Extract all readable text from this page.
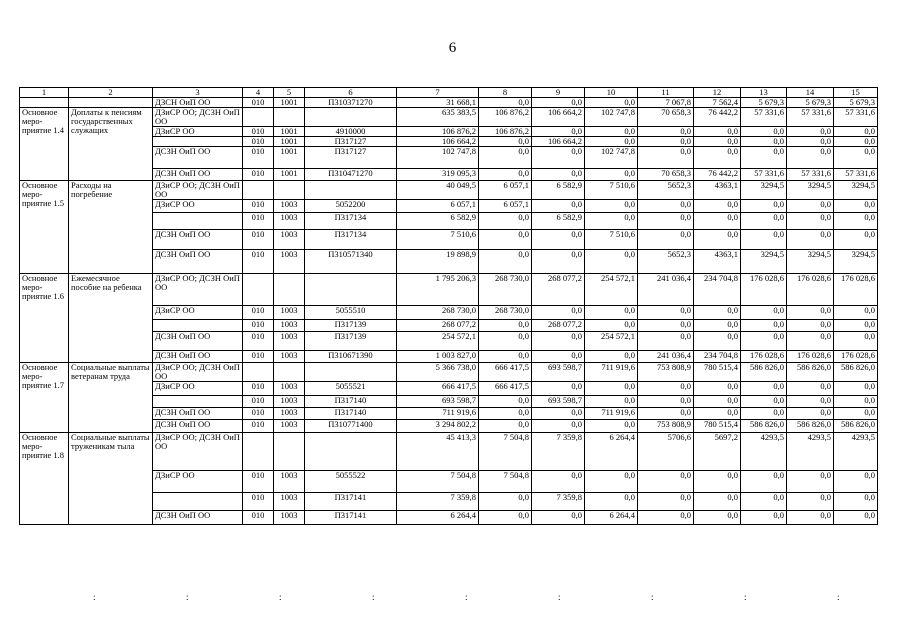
6
1	2	3	4	5	6	7	8	9	10	11	12	13	14	15
		ДЗСН ОиП ОО	010	1001	П310371270	31 668,1	0,0	0,0	0,0	7 067,8	7 562,4	5 679,3	5 679,3	5 679,3
Основное меро-приятие 1.4	Доплаты к пенсиям государственных служащих	ДЗиСР ОО; ДСЗН ОиП ОО				635 383,5	106 876,2	106 664,2	102 747,8	70 658,3	76 442,2	57 331,6	57 331,6	57 331,6
		ДЗиСР ОО	010	1001	4910000	106 876,2	106 876,2	0,0	0,0	0,0	0,0	0,0	0,0	0,0
			010	1001	П317127	106 664,2	0,0	106 664,2	0,0	0,0	0,0	0,0	0,0	0,0
		ДСЗН ОиП ОО	010	1001	П317127	102 747,8	0,0	0,0	102 747,8	0,0	0,0	0,0	0,0	0,0
		ДСЗН ОиП ОО	010	1001	П310471270	319 095,3	0,0	0,0	0,0	70 658,3	76 442,2	57 331,6	57 331,6	57 331,6
Основное меро-приятие 1.5	Расходы на погребение	ДЗиСР ОО; ДСЗН ОиП ОО				40 049,5	6 057,1	6 582,9	7 510,6	5652,3	4363,1	3294,5	3294,5	3294,5
		ДЗиСР ОО	010	1003	5052200	6 057,1	6 057,1	0,0	0,0	0,0	0,0	0,0	0,0	0,0
			010	1003	П317134	6 582,9	0,0	6 582,9	0,0	0,0	0,0	0,0	0,0	0,0
		ДСЗН ОиП ОО	010	1003	П317134	7 510,6	0,0	0,0	7 510,6	0,0	0,0	0,0	0,0	0,0
		ДСЗН ОиП ОО	010	1003	П310571340	19 898,9	0,0	0,0	0,0	5652,3	4363,1	3294,5	3294,5	3294,5
Основное меро-приятие 1.6	Ежемесячное пособие на ребенка	ДЗиСР ОО; ДСЗН ОиП ОО				1 795 206,3	268 730,0	268 077,2	254 572,1	241 036,4	234 704,8	176 028,6	176 028,6	176 028,6
		ДЗиСР ОО	010	1003	5055510	268 730,0	268 730,0	0,0	0,0	0,0	0,0	0,0	0,0	0,0
			010	1003	П317139	268 077,2	0,0	268 077,2	0,0	0,0	0,0	0,0	0,0	0,0
		ДСЗН ОиП ОО	010	1003	П317139	254 572,1	0,0	0,0	254 572,1	0,0	0,0	0,0	0,0	0,0
		ДСЗН ОиП ОО	010	1003	П310671390	1 003 827,0	0,0	0,0	0,0	241 036,4	234 704,8	176 028,6	176 028,6	176 028,6
Основное меро-приятие 1.7	Социальные выплаты ветеранам труда	ДЗиСР ОО; ДСЗН ОиП ОО				5 366 738,0	666 417,5	693 598,7	711 919,6	753 808,9	780 515,4	586 826,0	586 826,0	586 826,0
		ДЗиСР ОО	010	1003	5055521	666 417,5	666 417,5	0,0	0,0	0,0	0,0	0,0	0,0	0,0
			010	1003	П317140	693 598,7	0,0	693 598,7	0,0	0,0	0,0	0,0	0,0	0,0
		ДСЗН ОиП ОО	010	1003	П317140	711 919,6	0,0	0,0	711 919,6	0,0	0,0	0,0	0,0	0,0
		ДСЗН ОиП ОО	010	1003	П310771400	3 294 802,2	0,0	0,0	0,0	753 808,9	780 515,4	586 826,0	586 826,0	586 826,0
Основное меро-приятие 1.8	Социальные выплаты труженикам тыла	ДЗиСР ОО; ДСЗН ОиП ОО				45 413,3	7 504,8	7 359,8	6 264,4	5706,6	5697,2	4293,5	4293,5	4293,5
		ДЗиСР ОО	010	1003	5055522	7 504,8	7 504,8	0,0	0,0	0,0	0,0	0,0	0,0	0,0
			010	1003	П317141	7 359,8	0,0	7 359,8	0,0	0,0	0,0	0,0	0,0	0,0
		ДСЗН ОиП ОО	010	1003	П317141	6 264,4	0,0	0,0	6 264,4	0,0	0,0	0,0	0,0	0,0
:	:	:	:	:	:	:	:	:
